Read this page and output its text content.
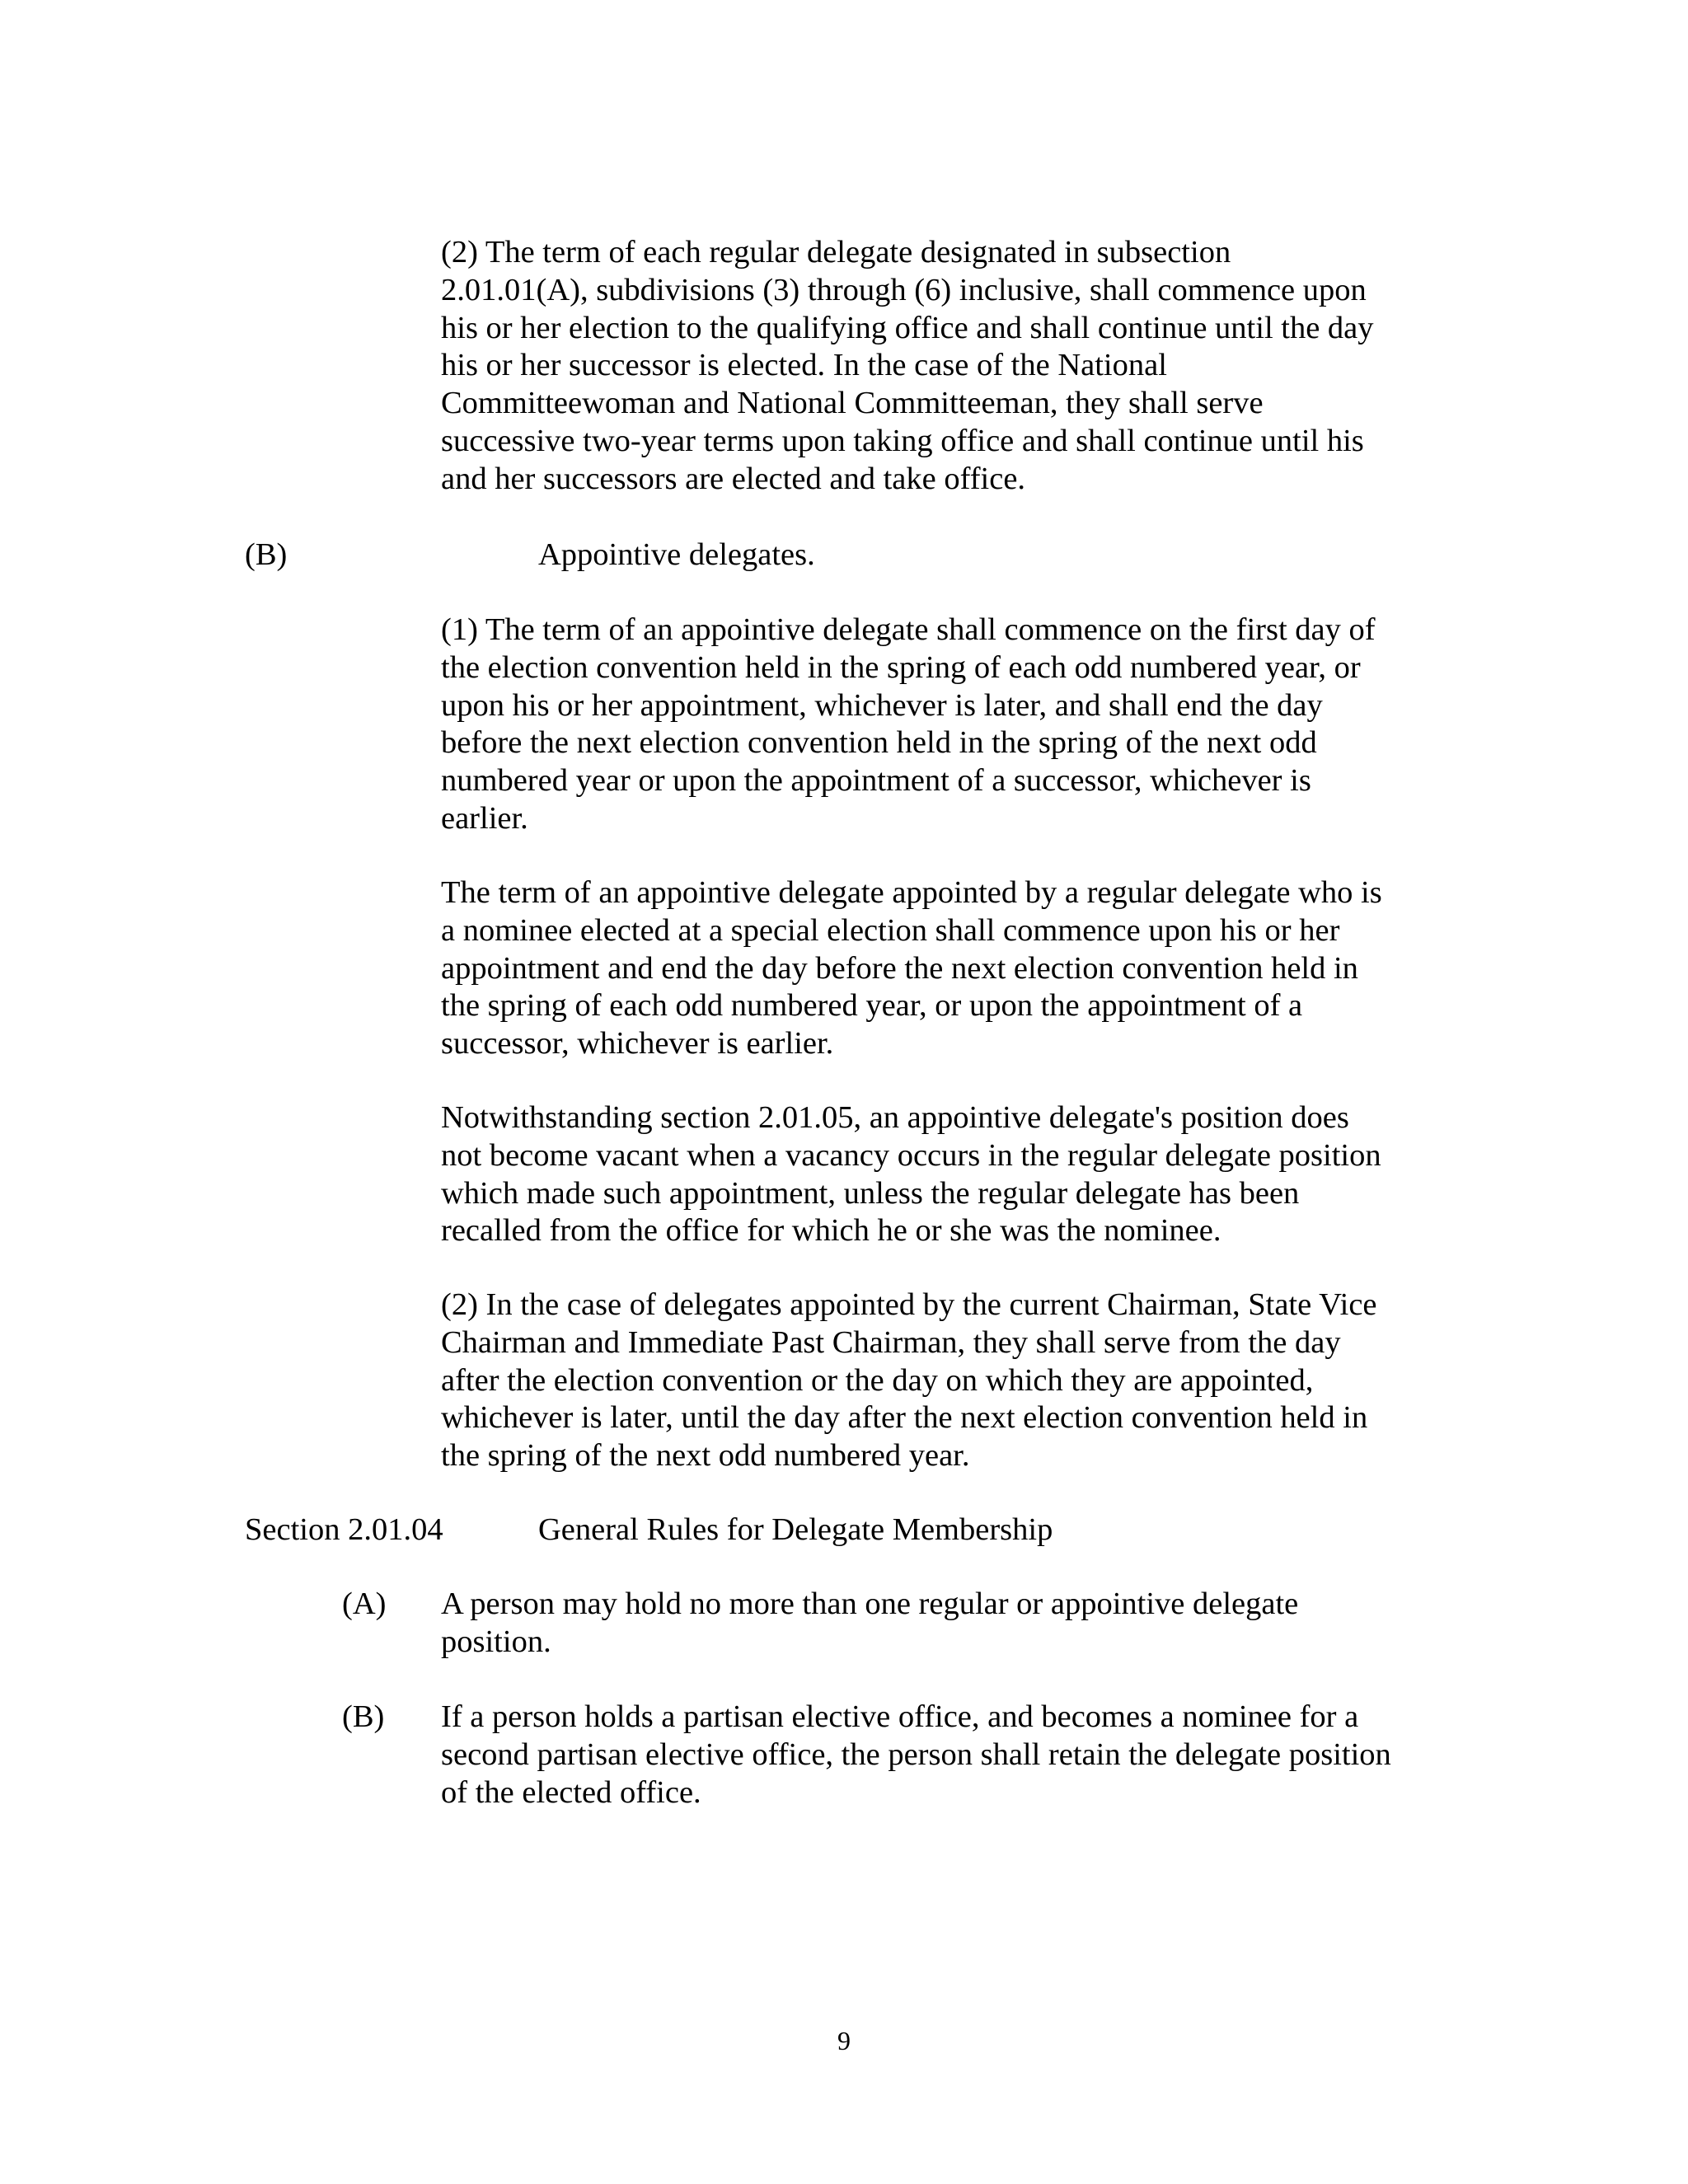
(2) The term of each regular delegate designated in subsection
2.01.01(A), subdivisions (3) through (6) inclusive, shall commence upon
his or her election to the qualifying office and shall continue until the day
his or her successor is elected. In the case of the National
Committeewoman and National Committeeman, they shall serve
successive two-year terms upon taking office and shall continue until his
and her successors are elected and take office.

(B)	Appointive delegates.

(1) The term of an appointive delegate shall commence on the first day of
the election convention held in the spring of each odd numbered year, or
upon his or her appointment, whichever is later, and shall end the day
before the next election convention held in the spring of the next odd
numbered year or upon the appointment of a successor, whichever is
earlier.

The term of an appointive delegate appointed by a regular delegate who is
a nominee elected at a special election shall commence upon his or her
appointment and end the day before the next election convention held in
the spring of each odd numbered year, or upon the appointment of a
successor, whichever is earlier.

Notwithstanding section 2.01.05, an appointive delegate's position does
not become vacant when a vacancy occurs in the regular delegate position
which made such appointment, unless the regular delegate has been
recalled from the office for which he or she was the nominee.

(2) In the case of delegates appointed by the current Chairman, State Vice
Chairman and Immediate Past Chairman, they shall serve from the day
after the election convention or the day on which they are appointed,
whichever is later, until the day after the next election convention held in
the spring of the next odd numbered year.

Section 2.01.04	General Rules for Delegate Membership

(A) A person may hold no more than one regular or appointive delegate
position.

(B) If a person holds a partisan elective office, and becomes a nominee for a
second partisan elective office, the person shall retain the delegate position
of the elected office.

9
